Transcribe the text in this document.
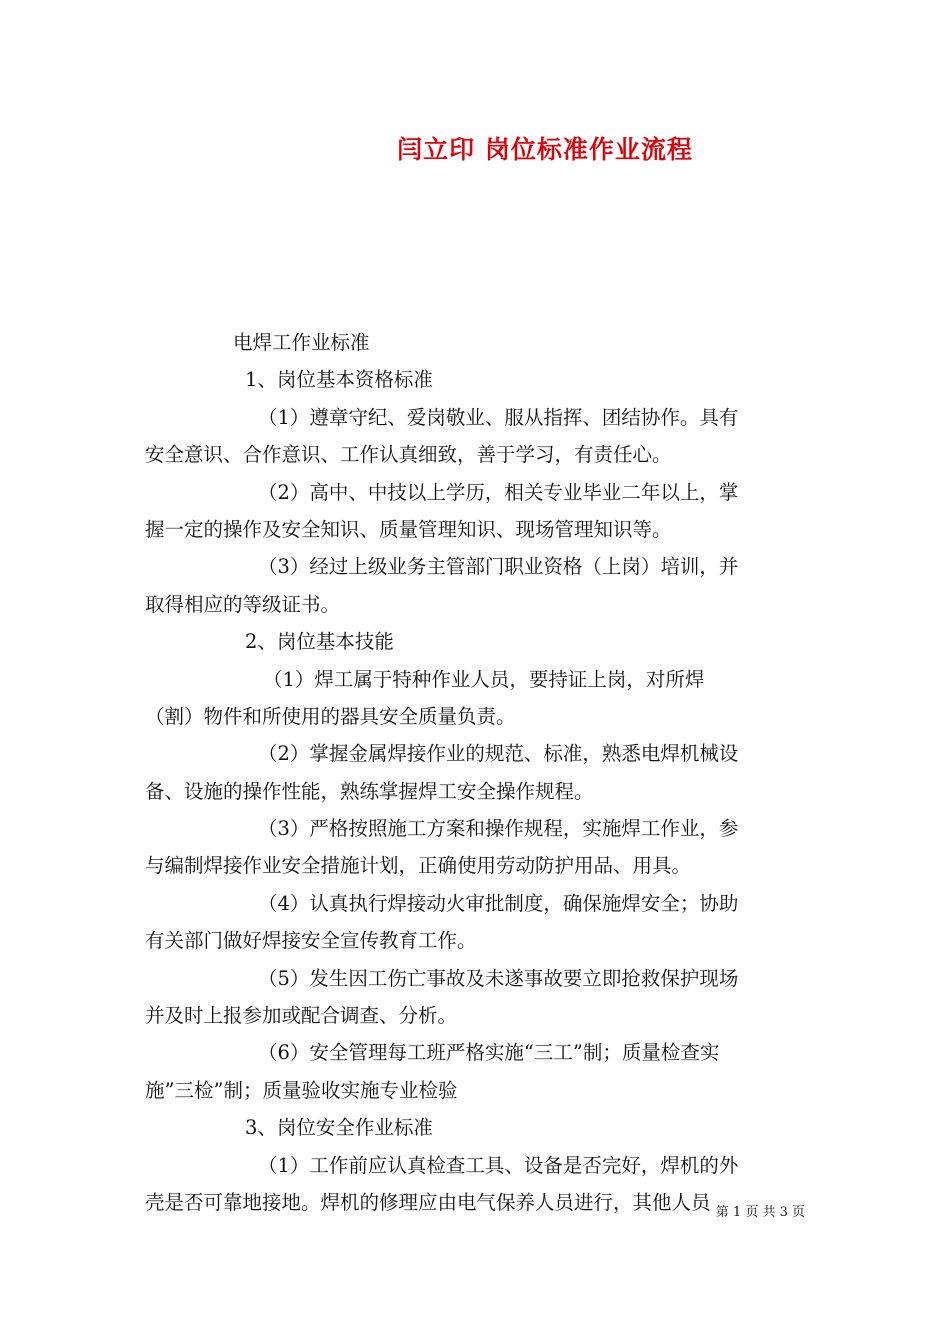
闫立印 岗位标准作业流程
电焊工作业标准
1、岗位基本资格标准
（1）遵章守纪、爱岗敬业、服从指挥、团结协作。具有
安全意识、合作意识、工作认真细致，善于学习，有责任心。
（2）高中、中技以上学历，相关专业毕业二年以上，掌
握一定的操作及安全知识、质量管理知识、现场管理知识等。
（3）经过上级业务主管部门职业资格（上岗）培训，并
取得相应的等级证书。
2、岗位基本技能
（1）焊工属于特种作业人员，要持证上岗，对所焊
（割）物件和所使用的器具安全质量负责。
（2）掌握金属焊接作业的规范、标准，熟悉电焊机械设
备、设施的操作性能，熟练掌握焊工安全操作规程。
（3）严格按照施工方案和操作规程，实施焊工作业，参
与编制焊接作业安全措施计划，正确使用劳动防护用品、用具。
（4）认真执行焊接动火审批制度，确保施焊安全；协助
有关部门做好焊接安全宣传教育工作。
（5）发生因工伤亡事故及未遂事故要立即抢救保护现场
并及时上报参加或配合调查、分析。
（6）安全管理每工班严格实施“三工”制；质量检查实
施”三检”制；质量验收实施专业检验
3、岗位安全作业标准
（1）工作前应认真检查工具、设备是否完好，焊机的外
壳是否可靠地接地。焊机的修理应由电气保养人员进行，其他人员 第 1 页 共 3 页
